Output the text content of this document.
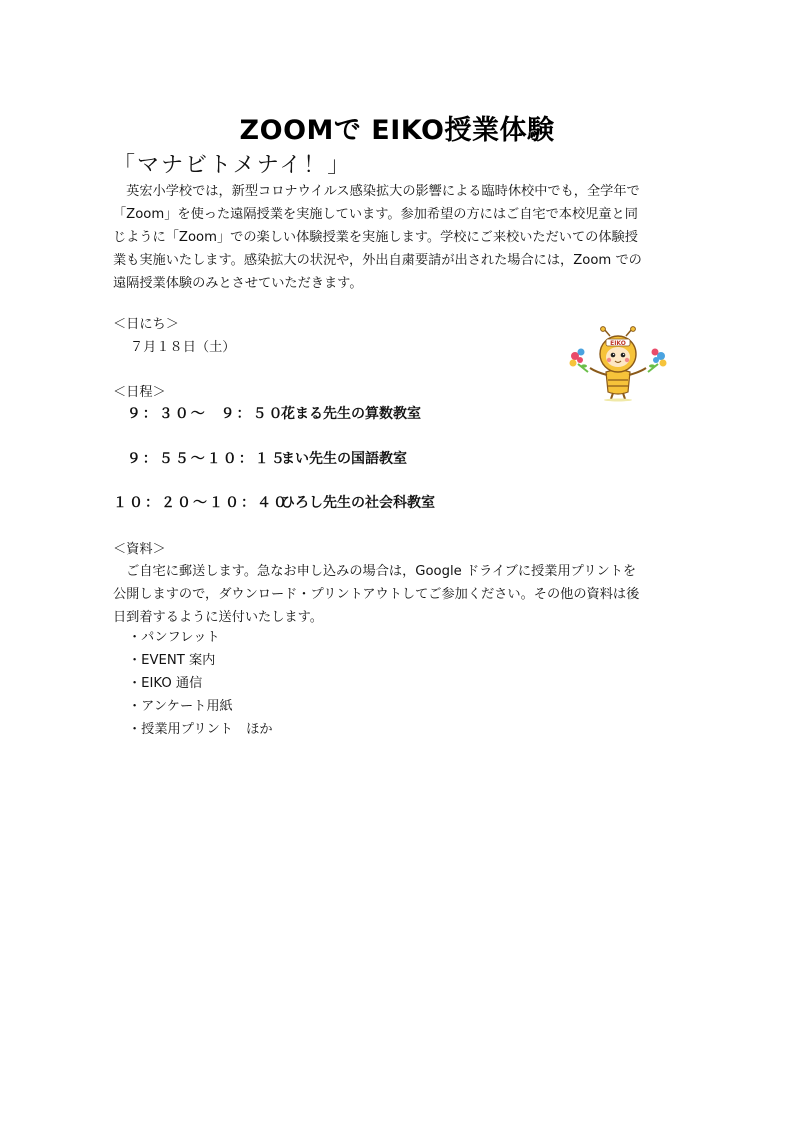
ZOOMで EIKO授業体験
「マナビトメナイ！」
　英宏小学校では，新型コロナウイルス感染拡大の影響による臨時休校中でも，全学年で
「Zoom」を使った遠隔授業を実施しています。参加希望の方にはご自宅で本校児童と同
じように「Zoom」での楽しい体験授業を実施します。学校にご来校いただいての体験授
業も実施いたします。感染拡大の状況や，外出自粛要請が出された場合には，Zoom での
遠隔授業体験のみとさせていただきます。
＜日にち＞
７月１８日（土）
＜日程＞
９：３０〜  ９：５０花まる先生の算数教室
９：５５〜１０：１５まい先生の国語教室
１０：２０〜１０：４０ひろし先生の社会科教室
＜資料＞
　ご自宅に郵送します。急なお申し込みの場合は，Google ドライブに授業用プリントを
公開しますので，ダウンロード・プリントアウトしてご参加ください。その他の資料は後
日到着するように送付いたします。
・パンフレット
・EVENT 案内
・EIKO 通信
・アンケート用紙
・授業用プリント　ほか
EIKO
